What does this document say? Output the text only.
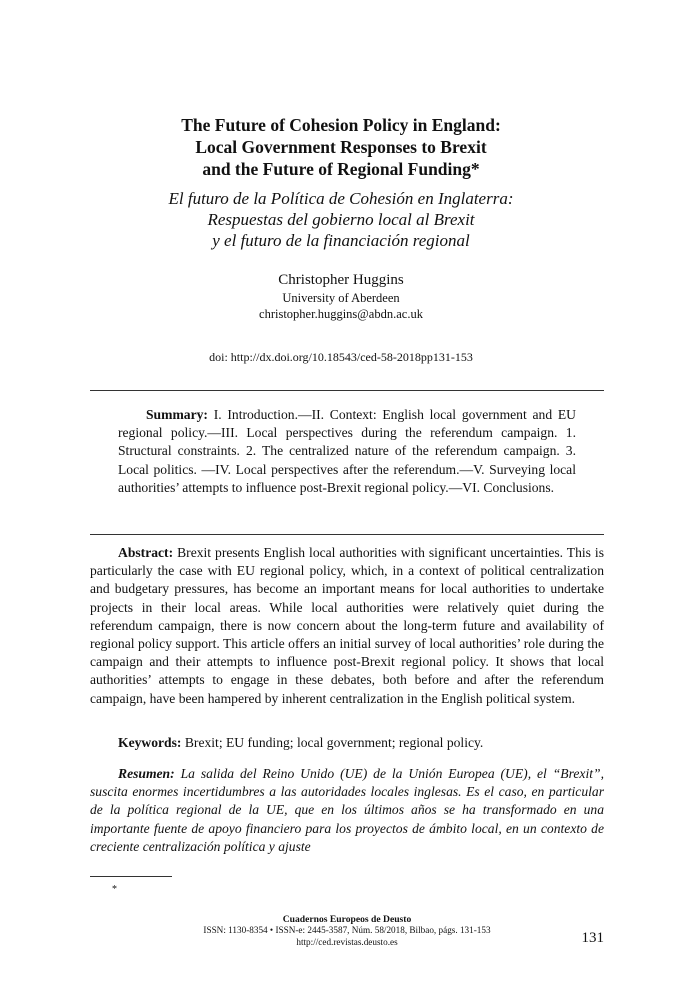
The Future of Cohesion Policy in England:
Local Government Responses to Brexit
and the Future of Regional Funding*
El futuro de la Política de Cohesión en Inglaterra:
Respuestas del gobierno local al Brexit
y el futuro de la financiación regional
Christopher Huggins
University of Aberdeen
christopher.huggins@abdn.ac.uk
doi: http://dx.doi.org/10.18543/ced-58-2018pp131-153
Summary: I. Introduction.—II. Context: English local government and EU regional policy.—III. Local perspectives during the referendum campaign. 1. Structural constraints. 2. The centralized nature of the referendum campaign. 3. Local politics. —IV. Local perspectives after the referendum.—V. Surveying local authorities’ attempts to influence post-Brexit regional policy.—VI. Conclusions.
Abstract: Brexit presents English local authorities with significant uncertainties. This is particularly the case with EU regional policy, which, in a context of political centralization and budgetary pressures, has become an important means for local authorities to undertake projects in their local areas. While local authorities were relatively quiet during the referendum campaign, there is now concern about the long-term future and availability of regional policy support. This article offers an initial survey of local authorities’ role during the campaign and their attempts to influence post-Brexit regional policy. It shows that local authorities’ attempts to engage in these debates, both before and after the referendum campaign, have been hampered by inherent centralization in the English political system.
Keywords: Brexit; EU funding; local government; regional policy.
Resumen: La salida del Reino Unido (UE) de la Unión Europea (UE), el “Brexit”, suscita enormes incertidumbres a las autoridades locales inglesas. Es el caso, en particular de la política regional de la UE, que en los últimos años se ha transformado en una importante fuente de apoyo financiero para los proyectos de ámbito local, en un contexto de creciente centralización política y ajuste
*
Cuadernos Europeos de Deusto
ISSN: 1130-8354 • ISSN-e: 2445-3587, Núm. 58/2018, Bilbao, págs. 131-153
http://ced.revistas.deusto.es	131
